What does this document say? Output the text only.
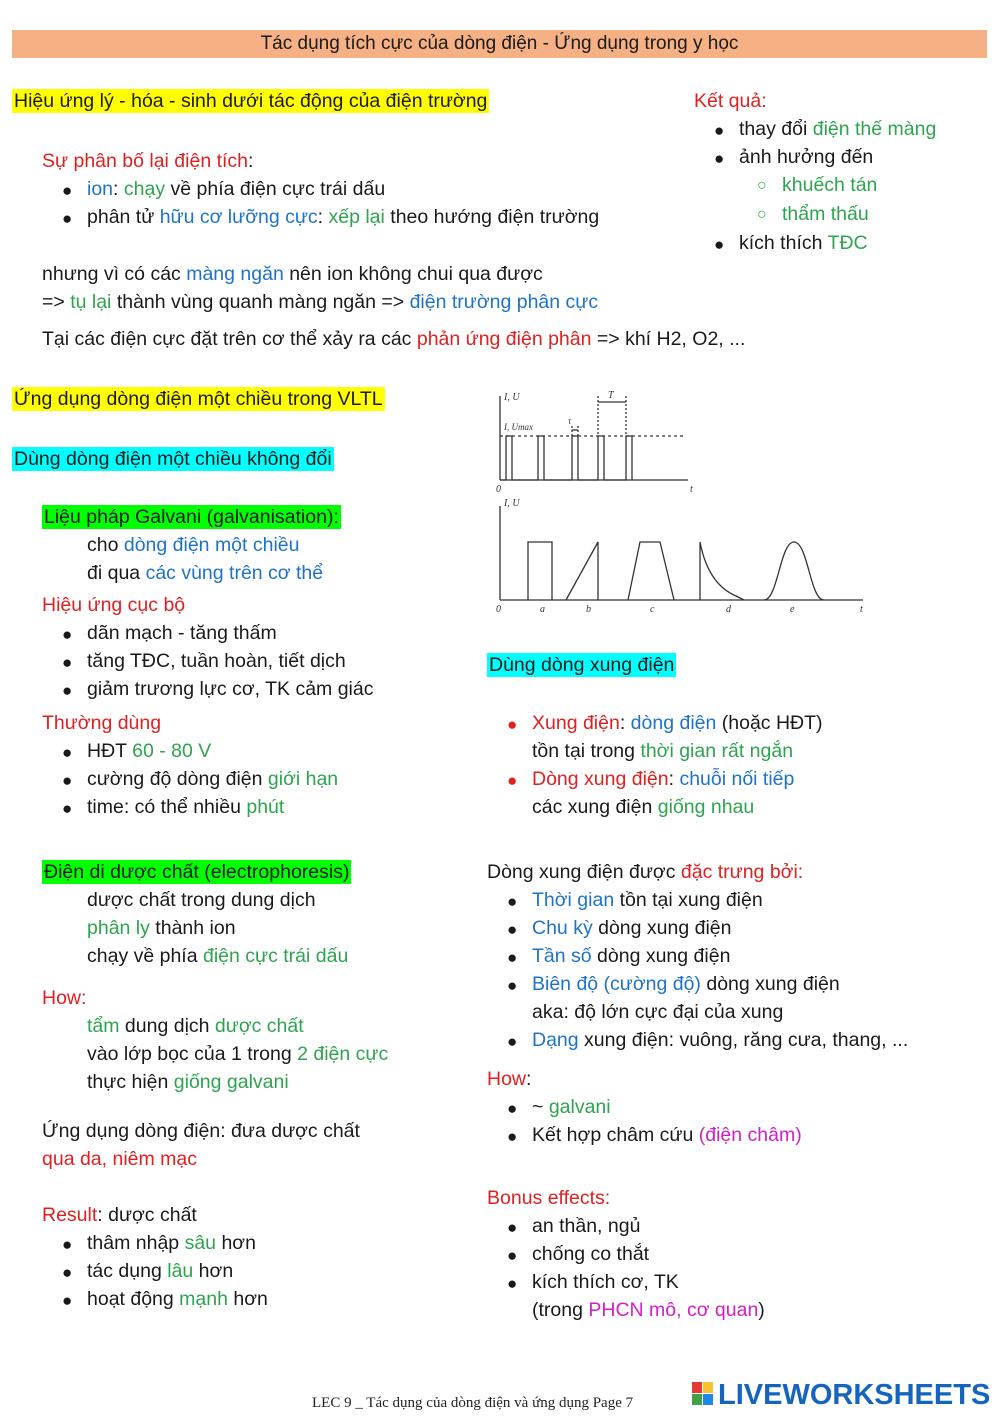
Tác dụng tích cực của dòng điện - Ứng dụng trong y học
Hiệu ứng lý - hóa - sinh dưới tác động của điện trường
Sự phân bố lại điện tích:
● ion: chạy về phía điện cực trái dấu
● phân tử hữu cơ lưỡng cực: xếp lại theo hướng điện trường
nhưng vì có các màng ngăn nên ion không chui qua được
=> tụ lại thành vùng quanh màng ngăn => điện trường phân cực
Tại các điện cực đặt trên cơ thể xảy ra các phản ứng điện phân => khí H2, O2, ...
Ứng dụng dòng điện một chiều trong VLTL
Dùng dòng điện một chiều không đổi
Liệu pháp Galvani (galvanisation):
cho dòng điện một chiều
đi qua các vùng trên cơ thể
Hiệu ứng cục bộ
● dãn mạch - tăng thấm
● tăng TĐC, tuần hoàn, tiết dịch
● giảm trương lực cơ, TK cảm giác
Thường dùng
● HĐT 60 - 80 V
● cường độ dòng điện giới hạn
● time: có thể nhiều phút
Điện di dược chất (electrophoresis)
dược chất trong dung dịch
phân ly thành ion
chạy về phía điện cực trái dấu
How:
tẩm dung dịch dược chất
vào lớp bọc của 1 trong 2 điện cực
thực hiện giống galvani
Ứng dụng dòng điện: đưa dược chất
qua da, niêm mạc
Result: dược chất
● thâm nhập sâu hơn
● tác dụng lâu hơn
● hoạt động mạnh hơn
Kết quả:
● thay đổi điện thế màng
● ảnh hưởng đến
○ khuếch tán
○ thẩm thấu
● kích thích TĐC
I, U
I, Umax
T
τ
0	t
I, U
0	a	b	c	d	e	t
Dùng dòng xung điện
● Xung điện: dòng điện (hoặc HĐT)
tồn tại trong thời gian rất ngắn
● Dòng xung điện: chuỗi nối tiếp
các xung điện giống nhau
Dòng xung điện được đặc trưng bởi:
● Thời gian tồn tại xung điện
● Chu kỳ dòng xung điện
● Tần số dòng xung điện
● Biên độ (cường độ) dòng xung điện
aka: độ lớn cực đại của xung
● Dạng xung điện: vuông, răng cưa, thang, ...
How:
● ~ galvani
● Kết hợp châm cứu (điện châm)
Bonus effects:
● an thần, ngủ
● chống co thắt
● kích thích cơ, TK
(trong PHCN mô, cơ quan)
LEC 9 _ Tác dụng của dòng điện và ứng dụng Page 7	LIVEWORKSHEETS
